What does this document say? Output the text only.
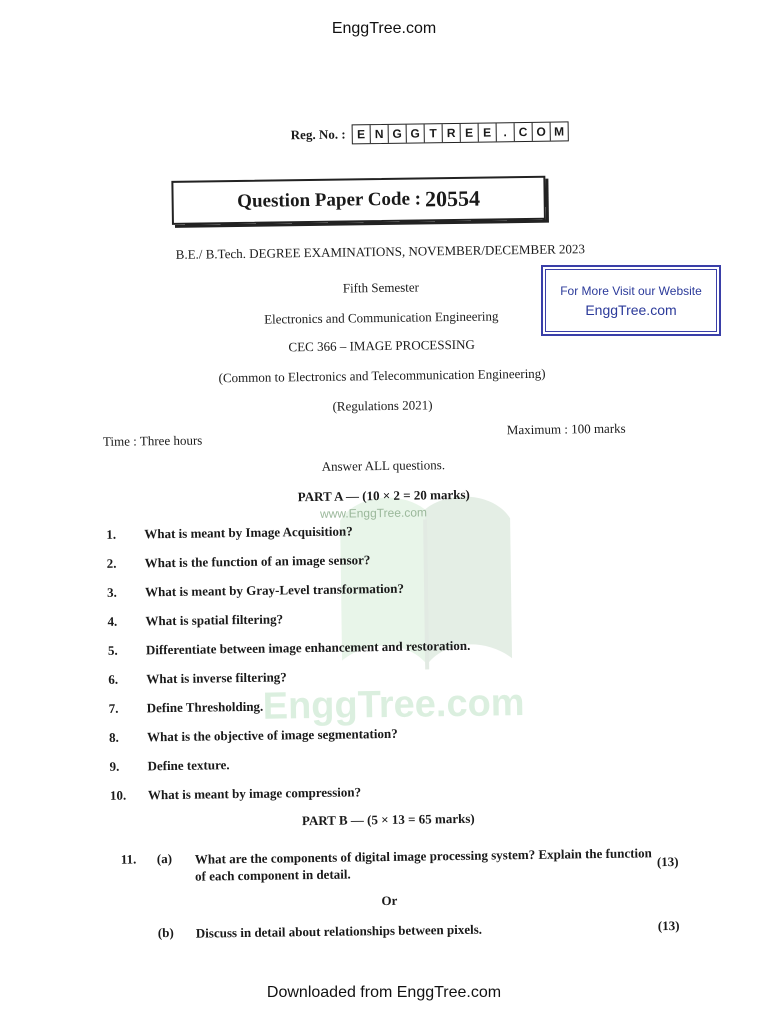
EnggTree.com
www.EnggTree.com
EnggTree.com
Reg. No. : E N G G T R E E	. C O M
Question Paper Code : 20554
B.E./ B.Tech. DEGREE EXAMINATIONS, NOVEMBER/DECEMBER 2023
Fifth Semester
Electronics and Communication Engineering
CEC 366 – IMAGE PROCESSING
(Common to Electronics and Telecommunication Engineering)
(Regulations 2021)
Time : Three hours
Maximum : 100 marks
Answer ALL questions.
PART A — (10 × 2 = 20 marks)
1.	What is meant by Image Acquisition?
2.	What is the function of an image sensor?
3.	What is meant by Gray-Level transformation?
4.	What is spatial filtering?
5.	Differentiate between image enhancement and restoration.
6.	What is inverse filtering?
7.	Define Thresholding.
8.	What is the objective of image segmentation?
9.	Define texture.
10.	What is meant by image compression?
PART B — (5 × 13 = 65 marks)
11. (a) What are the components of digital image processing system? Explain the function of each component in detail.
(13)
Or
(b) Discuss in detail about relationships between pixels.	(13)
For More Visit our Website
EnggTree.com
Downloaded from EnggTree.com
